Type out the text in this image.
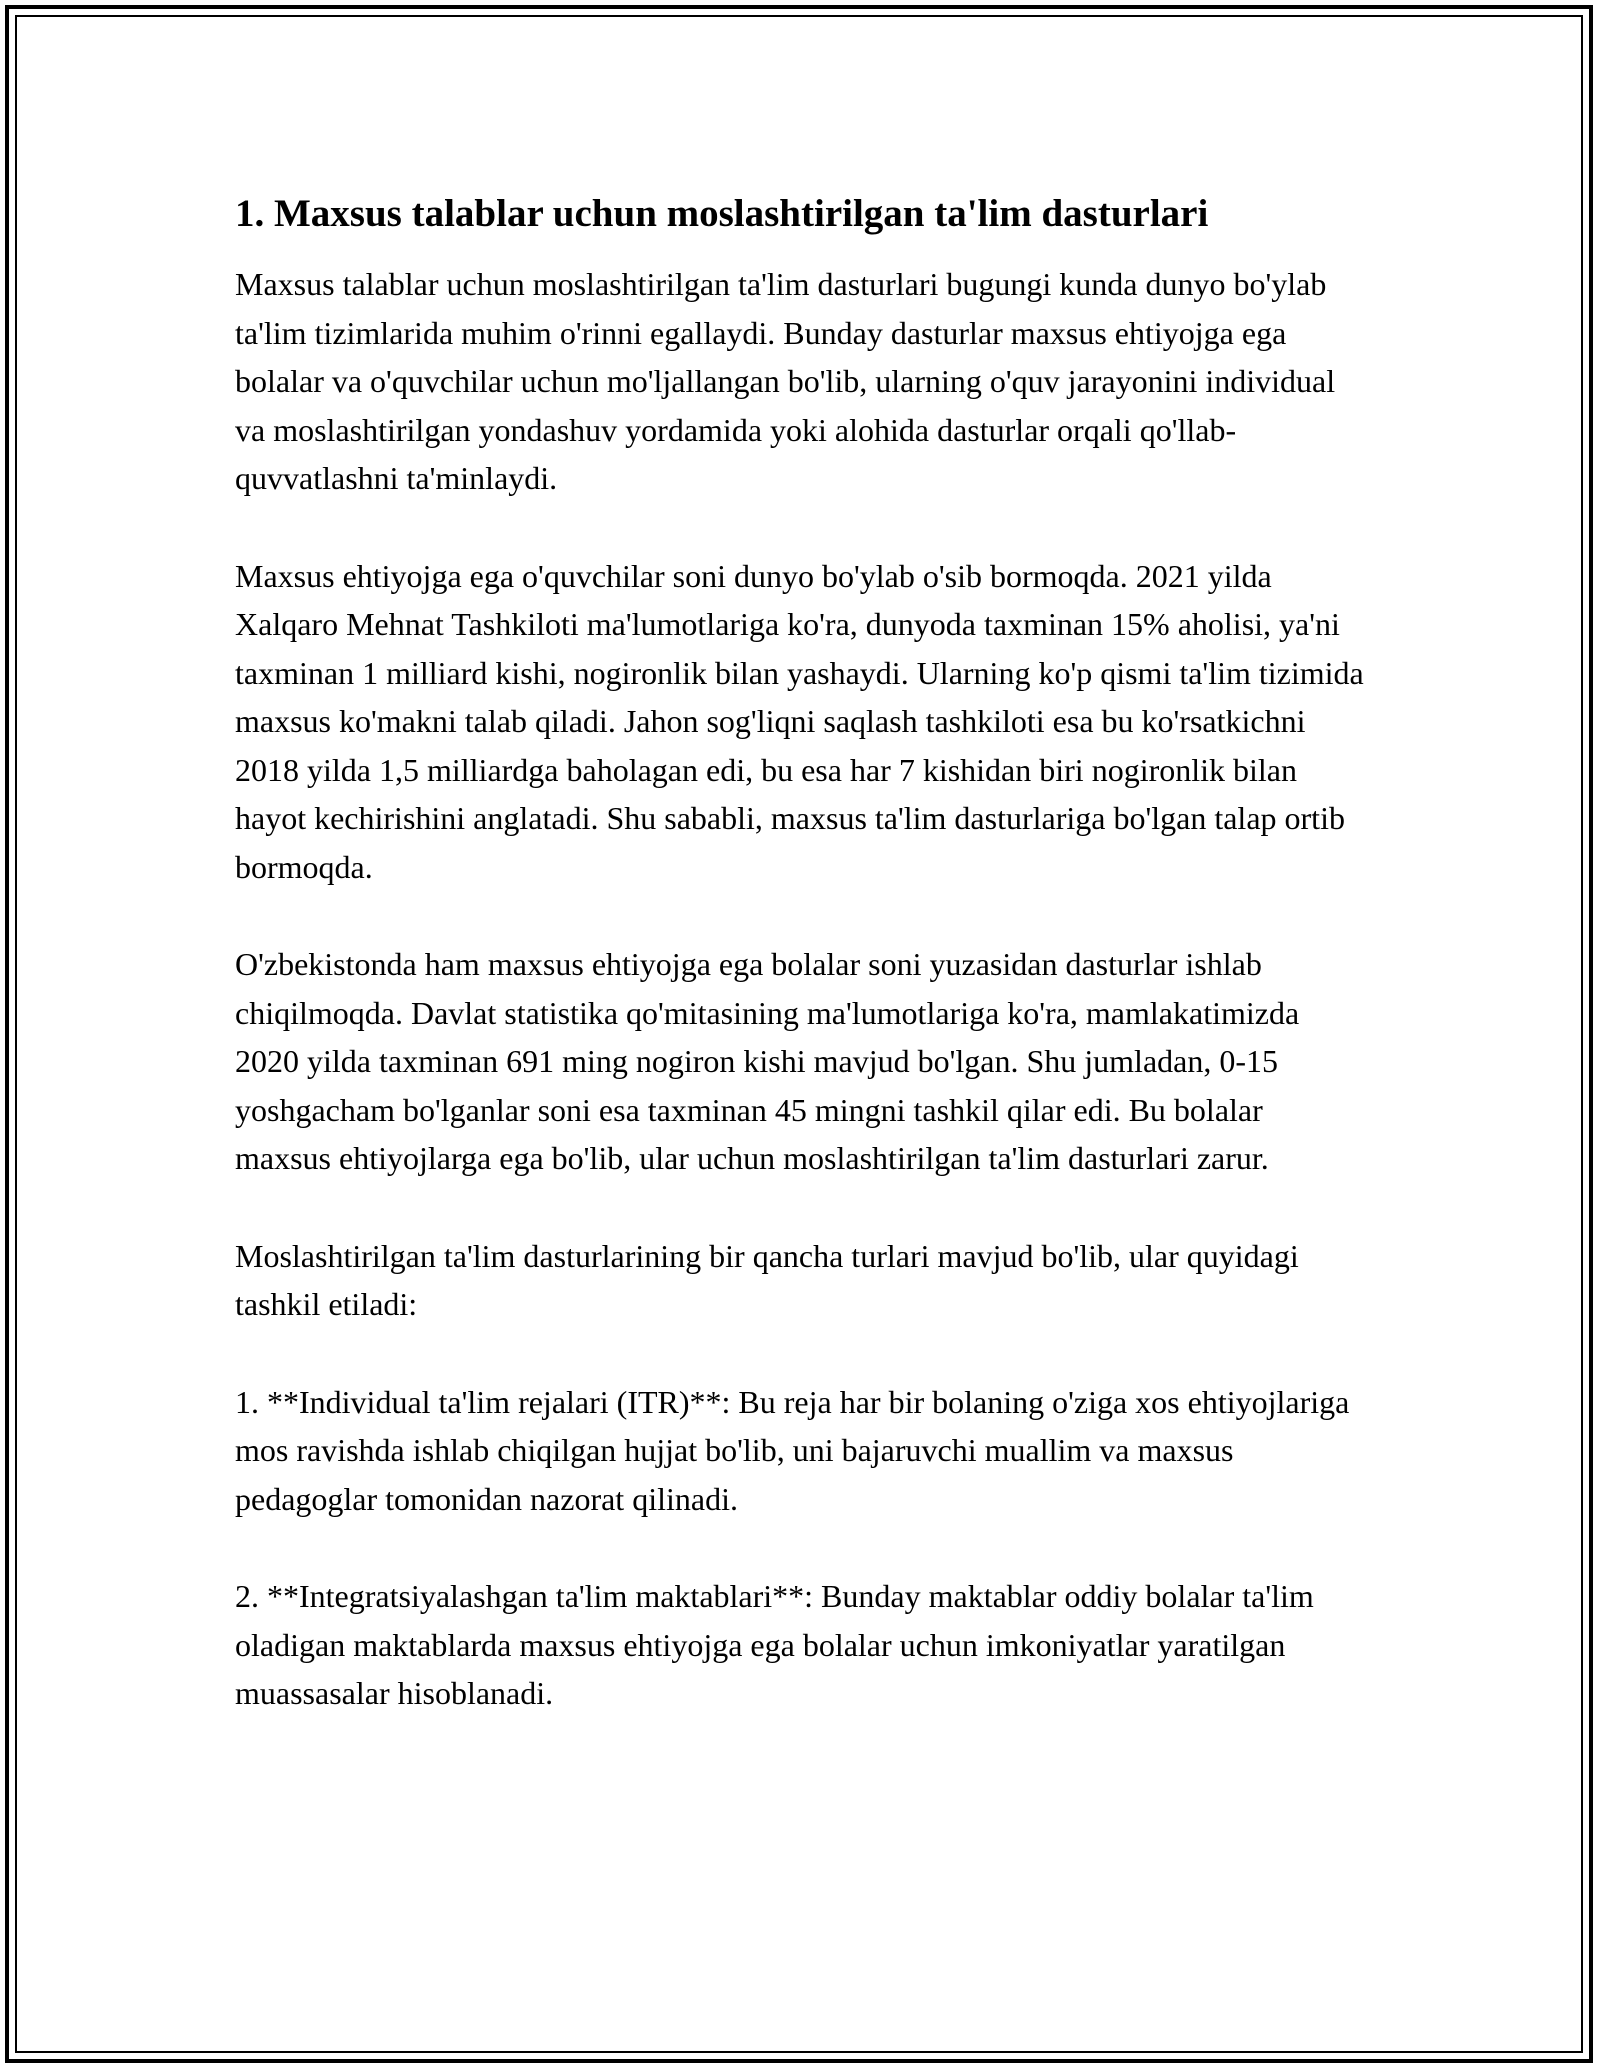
1. Maxsus talablar uchun moslashtirilgan ta'lim dasturlari

Maxsus talablar uchun moslashtirilgan ta'lim dasturlari bugungi kunda dunyo bo'ylab ta'lim tizimlarida muhim o'rinni egallaydi. Bunday dasturlar maxsus ehtiyojga ega bolalar va o'quvchilar uchun mo'ljallangan bo'lib, ularning o'quv jarayonini individual va moslashtirilgan yondashuv yordamida yoki alohida dasturlar orqali qo'llab-quvvatlashni ta'minlaydi.

Maxsus ehtiyojga ega o'quvchilar soni dunyo bo'ylab o'sib bormoqda. 2021 yilda Xalqaro Mehnat Tashkiloti ma'lumotlariga ko'ra, dunyoda taxminan 15% aholisi, ya'ni taxminan 1 milliard kishi, nogironlik bilan yashaydi. Ularning ko'p qismi ta'lim tizimida maxsus ko'makni talab qiladi. Jahon sog'liqni saqlash tashkiloti esa bu ko'rsatkichni 2018 yilda 1,5 milliardga baholagan edi, bu esa har 7 kishidan biri nogironlik bilan hayot kechirishini anglatadi. Shu sababli, maxsus ta'lim dasturlariga bo'lgan talap ortib bormoqda.

O'zbekistonda ham maxsus ehtiyojga ega bolalar soni yuzasidan dasturlar ishlab chiqilmoqda. Davlat statistika qo'mitasining ma'lumotlariga ko'ra, mamlakatimizda 2020 yilda taxminan 691 ming nogiron kishi mavjud bo'lgan. Shu jumladan, 0-15 yoshgacham bo'lganlar soni esa taxminan 45 mingni tashkil qilar edi. Bu bolalar maxsus ehtiyojlarga ega bo'lib, ular uchun moslashtirilgan ta'lim dasturlari zarur.

Moslashtirilgan ta'lim dasturlarining bir qancha turlari mavjud bo'lib, ular quyidagi tashkil etiladi:

1. **Individual ta'lim rejalari (ITR)**: Bu reja har bir bolaning o'ziga xos ehtiyojlariga mos ravishda ishlab chiqilgan hujjat bo'lib, uni bajaruvchi muallim va maxsus pedagoglar tomonidan nazorat qilinadi.

2. **Integratsiyalashgan ta'lim maktablari**: Bunday maktablar oddiy bolalar ta'lim oladigan maktablarda maxsus ehtiyojga ega bolalar uchun imkoniyatlar yaratilgan muassasalar hisoblanadi.
